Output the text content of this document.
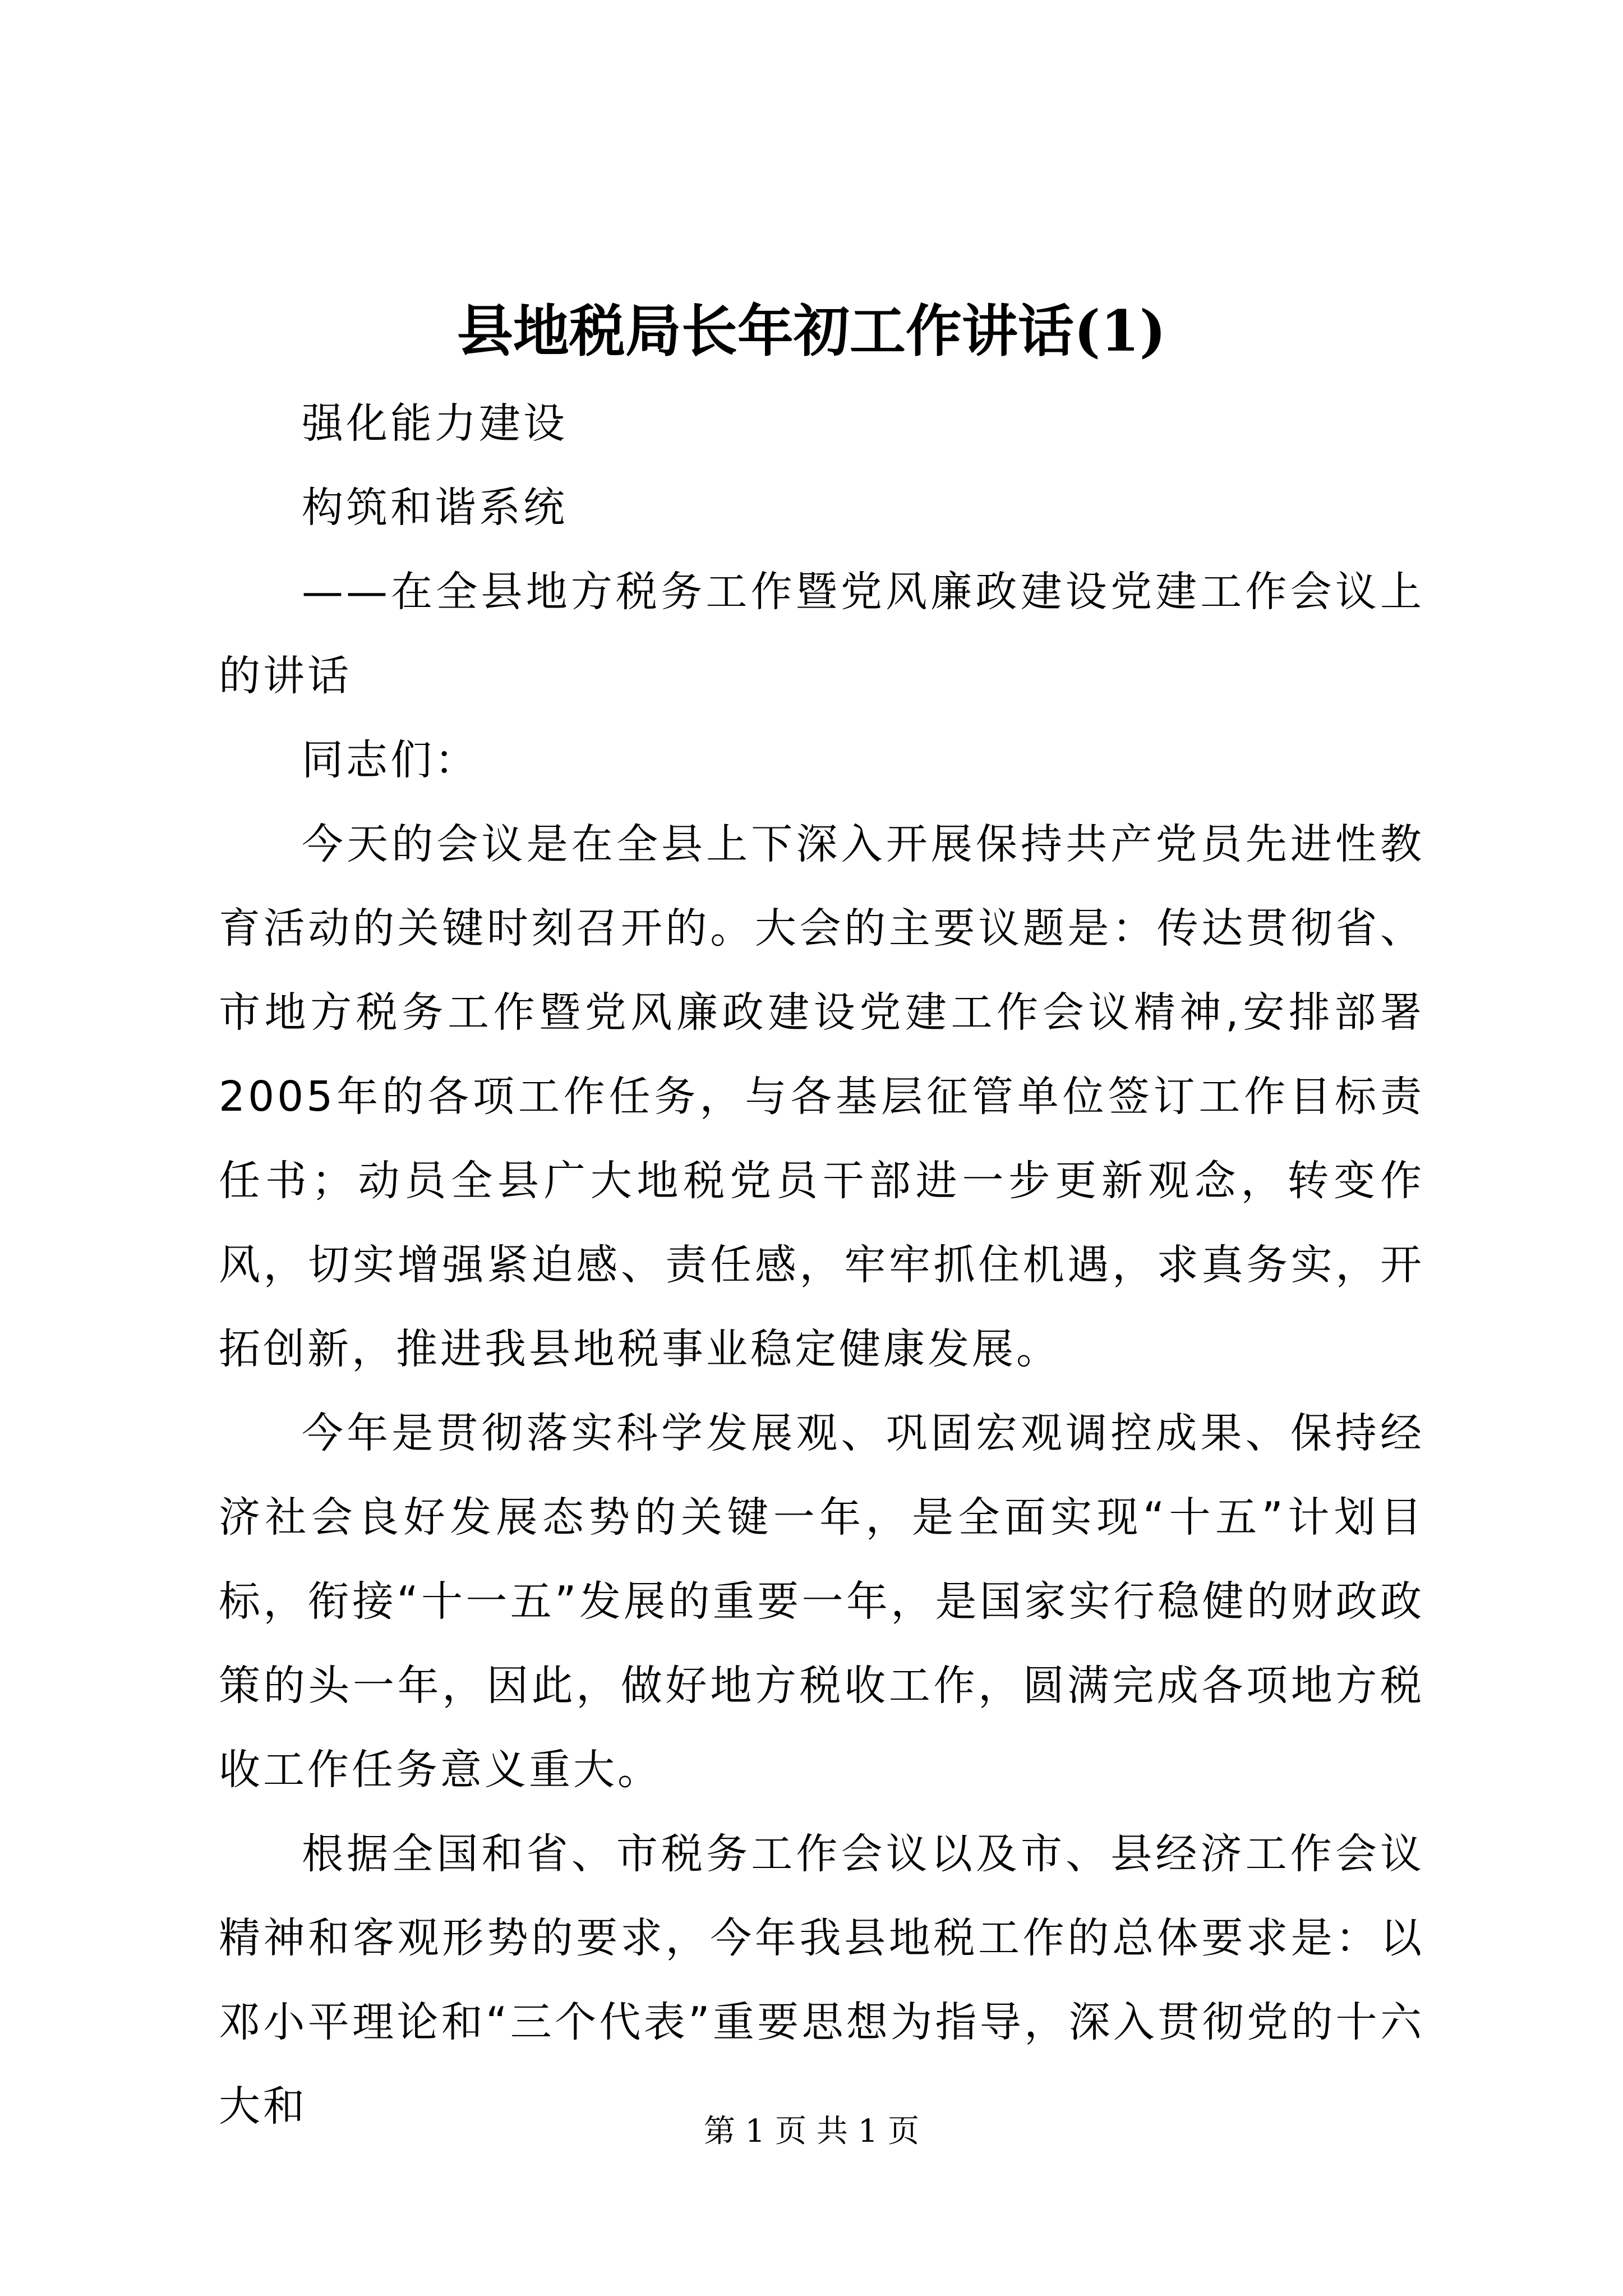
县地税局长年初工作讲话(1)

强化能力建设

构筑和谐系统

——在全县地方税务工作暨党风廉政建设党建工作会议上的讲话

同志们：

今天的会议是在全县上下深入开展保持共产党员先进性教育活动的关键时刻召开的。大会的主要议题是：传达贯彻省、市地方税务工作暨党风廉政建设党建工作会议精神,安排部署2005年的各项工作任务，与各基层征管单位签订工作目标责任书；动员全县广大地税党员干部进一步更新观念，转变作风，切实增强紧迫感、责任感，牢牢抓住机遇，求真务实，开拓创新，推进我县地税事业稳定健康发展。

今年是贯彻落实科学发展观、巩固宏观调控成果、保持经济社会良好发展态势的关键一年，是全面实现“十五”计划目标，衔接“十一五”发展的重要一年，是国家实行稳健的财政政策的头一年，因此，做好地方税收工作，圆满完成各项地方税收工作任务意义重大。

根据全国和省、市税务工作会议以及市、县经济工作会议精神和客观形势的要求，今年我县地税工作的总体要求是：以邓小平理论和“三个代表”重要思想为指导，深入贯彻党的十六大和

第 1 页 共 1 页
